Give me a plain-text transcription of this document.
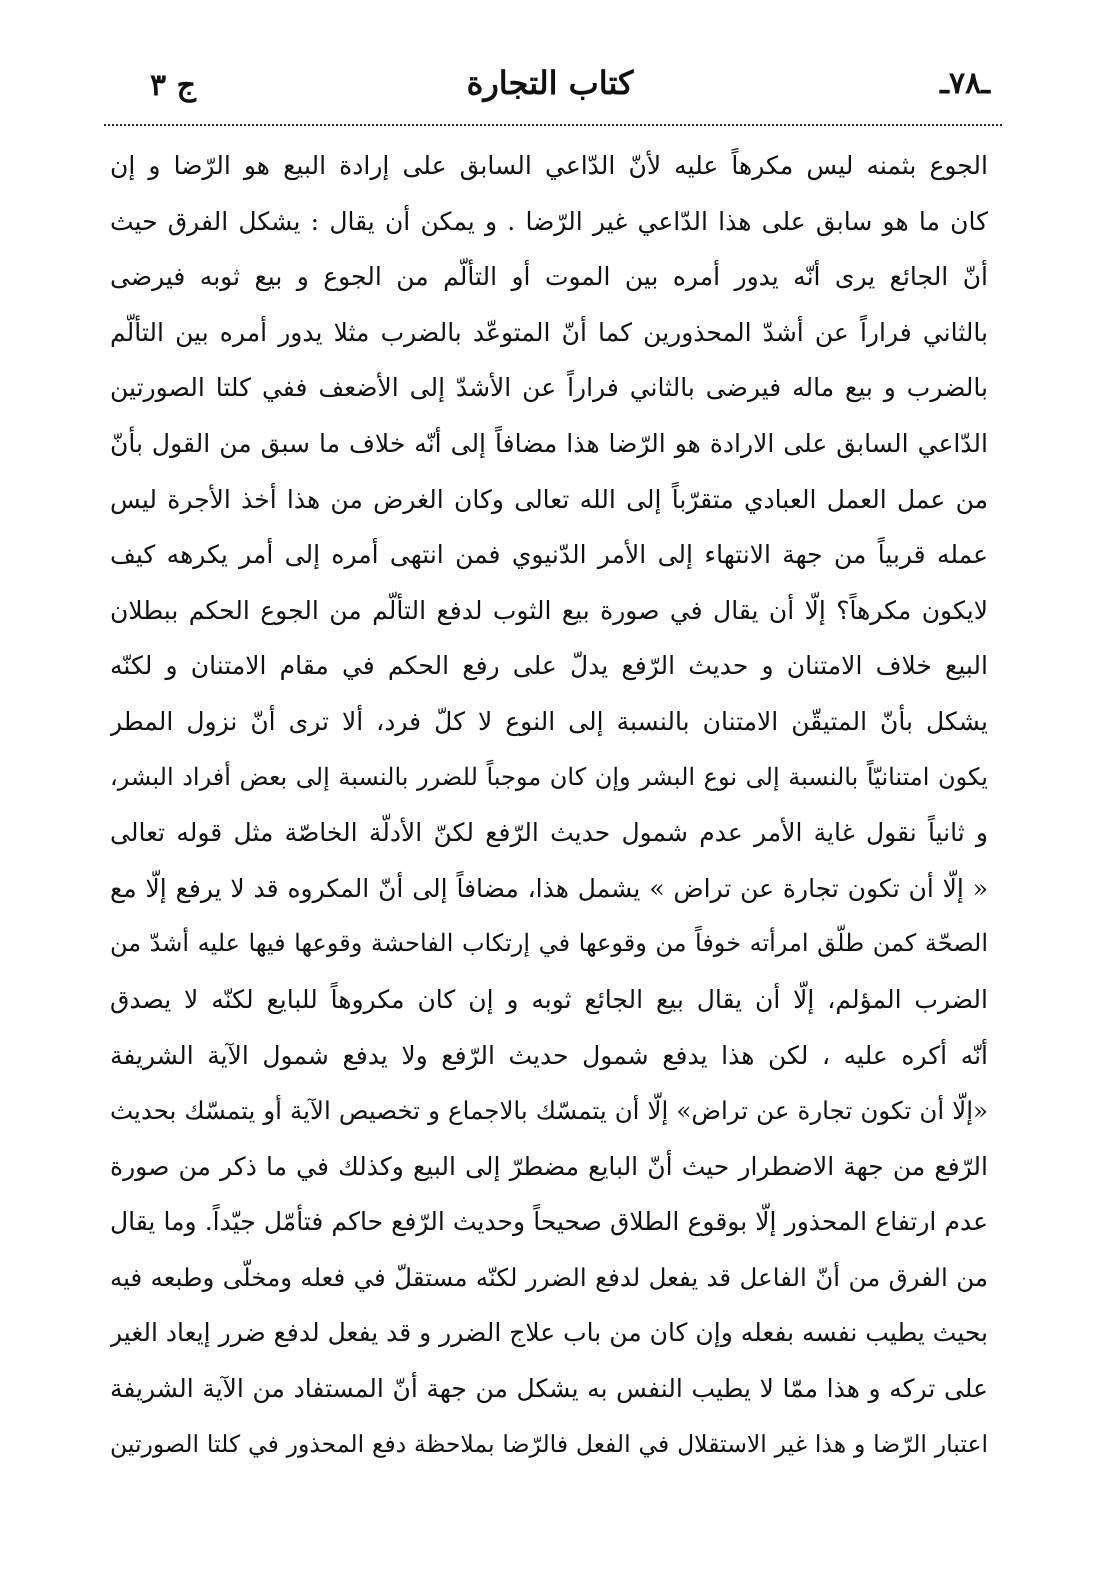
ـ٧٨ـ
كتاب التجارة
ج ٣
الجوع بثمنه ليس مكرهاً عليه لأنّ الدّاعي السابق على إرادة البيع هو الرّضا و إن
كان ما هو سابق على هذا الدّاعي غير الرّضا . و يمكن أن يقال : يشكل الفرق حيث
أنّ الجائع يرى أنّه يدور أمره بين الموت أو التألّم من الجوع و بيع ثوبه فيرضى
بالثاني فراراً عن أشدّ المحذورين كما أنّ المتوعّد بالضرب مثلا يدور أمره بين التألّم
بالضرب و بيع ماله فيرضى بالثاني فراراً عن الأشدّ إلى الأضعف ففي كلتا الصورتين
الدّاعي السابق على الارادة هو الرّضا هذا مضافاً إلى أنّه خلاف ما سبق من القول بأنّ
من عمل العمل العبادي متقرّباً إلى الله تعالى وكان الغرض من هذا أخذ الأجرة ليس
عمله قربياً من جهة الانتهاء إلى الأمر الدّنيوي فمن انتهى أمره إلى أمر يكرهه كيف
لايكون مكرهاً؟ إلّا أن يقال في صورة بيع الثوب لدفع التألّم من الجوع الحكم ببطلان
البيع خلاف الامتنان و حديث الرّفع يدلّ على رفع الحكم في مقام الامتنان و لكنّه
يشكل بأنّ المتيقّن الامتنان بالنسبة إلى النوع لا كلّ فرد، ألا ترى أنّ نزول المطر
يكون امتنانيّاً بالنسبة إلى نوع البشر وإن كان موجباً للضرر بالنسبة إلى بعض أفراد البشر،
و ثانياً نقول غاية الأمر عدم شمول حديث الرّفع لكنّ الأدلّة الخاصّة مثل قوله تعالى
« إلّا أن تكون تجارة عن تراض » يشمل هذا، مضافاً إلى أنّ المكروه قد لا يرفع إلّا مع
الصحّة كمن طلّق امرأته خوفاً من وقوعها في إرتكاب الفاحشة وقوعها فيها عليه أشدّ من
الضرب المؤلم، إلّا أن يقال بيع الجائع ثوبه و إن كان مكروهاً للبايع لكنّه لا يصدق
أنّه أكره عليه ، لكن هذا يدفع شمول حديث الرّفع ولا يدفع شمول الآية الشريفة
«إلّا أن تكون تجارة عن تراض» إلّا أن يتمسّك بالاجماع و تخصيص الآية أو يتمسّك بحديث
الرّفع من جهة الاضطرار حيث أنّ البايع مضطرّ إلى البيع وكذلك في ما ذكر من صورة
عدم ارتفاع المحذور إلّا بوقوع الطلاق صحيحاً وحديث الرّفع حاكم فتأمّل جيّداً. وما يقال
من الفرق من أنّ الفاعل قد يفعل لدفع الضرر لكنّه مستقلّ في فعله ومخلّى وطبعه فيه
بحيث يطيب نفسه بفعله وإن كان من باب علاج الضرر و قد يفعل لدفع ضرر إيعاد الغير
على تركه و هذا ممّا لا يطيب النفس به يشكل من جهة أنّ المستفاد من الآية الشريفة
اعتبار الرّضا و هذا غير الاستقلال في الفعل فالرّضا بملاحظة دفع المحذور في كلتا الصورتين
